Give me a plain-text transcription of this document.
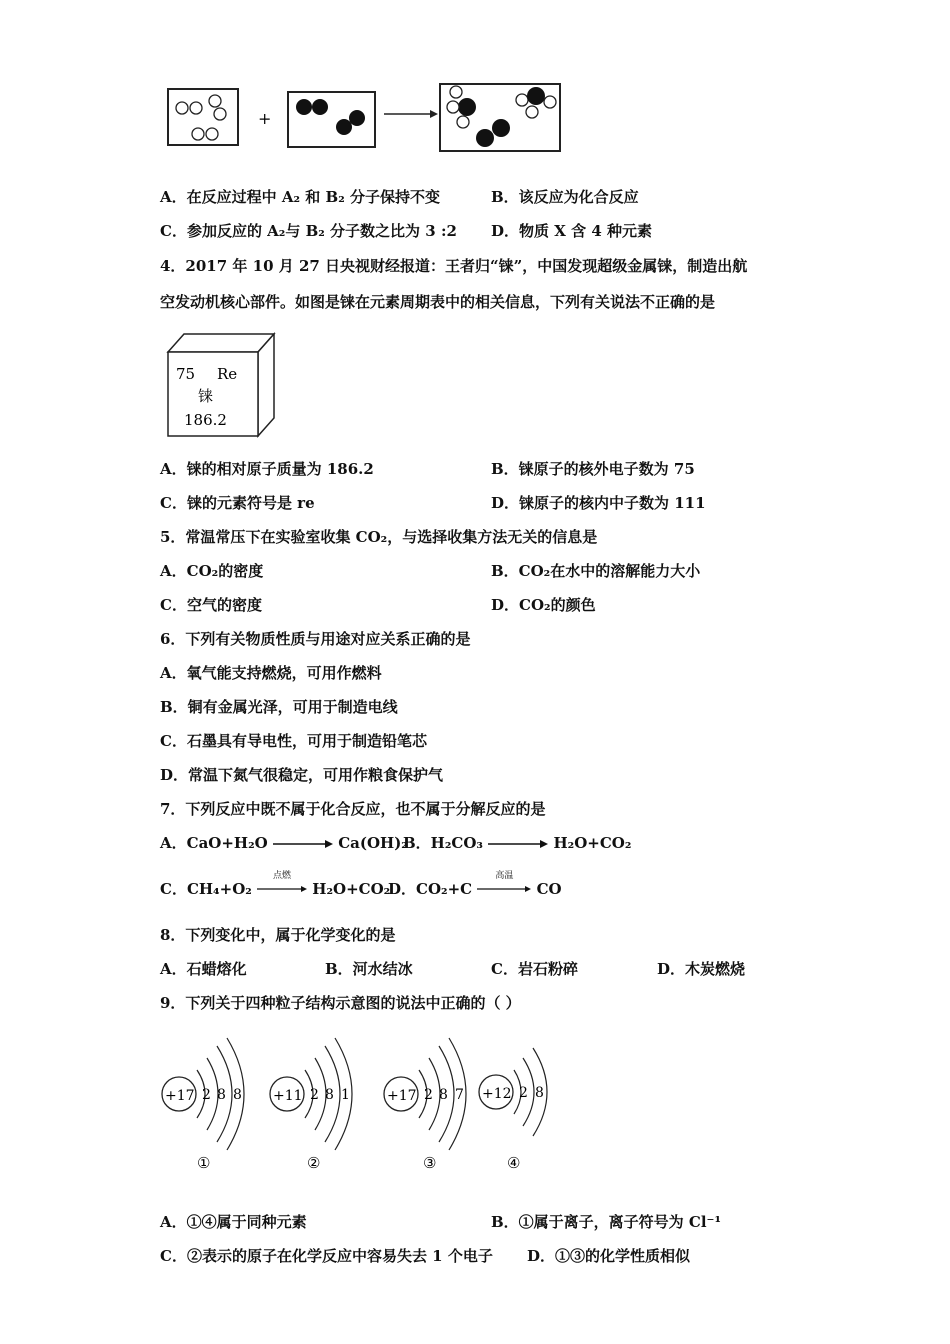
+
A．在反应过程中 A₂ 和 B₂ 分子保持不变	B．该反应为化合反应
C．参加反应的 A₂与 B₂ 分子数之比为 3 :2 D．物质 X 含 4 种元素
4．2017 年 10 月 27 日央视财经报道：王者归“铼”，中国发现超级金属铼，制造出航
空发动机核心部件。如图是铼在元素周期表中的相关信息，下列有关说法不正确的是
75 Re
铼
186.2
A．铼的相对原子质量为 186.2	B．铼原子的核外电子数为 75
C．铼的元素符号是 re	D．铼原子的核内中子数为 111
5．常温常压下在实验室收集 CO₂，与选择收集方法无关的信息是
A．CO₂的密度	B．CO₂在水中的溶解能力大小
C．空气的密度	D．CO₂的颜色
6．下列有关物质性质与用途对应关系正确的是
A．氧气能支持燃烧，可用作燃料
B．铜有金属光泽，可用于制造电线
C．石墨具有导电性，可用于制造铅笔芯
D．常温下氮气很稳定，可用作粮食保护气
7．下列反应中既不属于化合反应，也不属于分解反应的是
A．CaO+H₂O → Ca(OH)₂
B．H₂CO₃ → H₂O+CO₂
C．CH₄+O₂
点燃
H₂O+CO₂
D．CO₂+C
高温
CO
8．下列变化中，属于化学变化的是
A．石蜡熔化	B．河水结冰	C．岩石粉碎	D．木炭燃烧
9．下列关于四种粒子结构示意图的说法中正确的（ ）
+17 2 8 8
①
+11 2 8 1
②
+17 2 8 7
③
+12 2 8
④
A．①④属于同种元素	B．①属于离子，离子符号为 Cl⁻¹
C．②表示的原子在化学反应中容易失去 1 个电子 D．①③的化学性质相似
